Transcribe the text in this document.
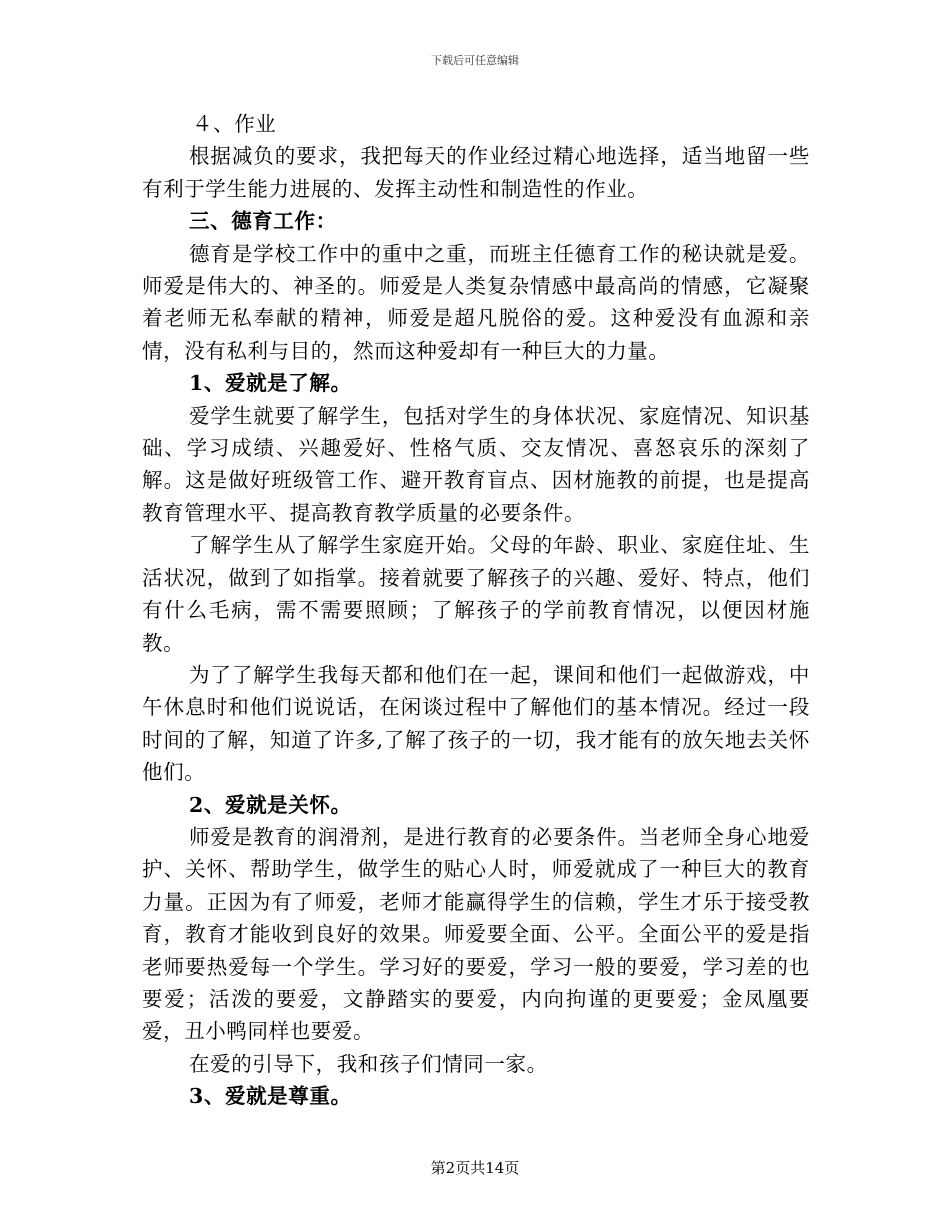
下载后可任意编辑

４、作业

根据减负的要求，我把每天的作业经过精心地选择，适当地留一些有利于学生能力进展的、发挥主动性和制造性的作业。

三、德育工作：

德育是学校工作中的重中之重，而班主任德育工作的秘诀就是爱。师爱是伟大的、神圣的。师爱是人类复杂情感中最高尚的情感，它凝聚着老师无私奉献的精神，师爱是超凡脱俗的爱。这种爱没有血源和亲情，没有私利与目的，然而这种爱却有一种巨大的力量。

1、爱就是了解。

爱学生就要了解学生，包括对学生的身体状况、家庭情况、知识基础、学习成绩、兴趣爱好、性格气质、交友情况、喜怒哀乐的深刻了解。这是做好班级管工作、避开教育盲点、因材施教的前提，也是提高教育管理水平、提高教育教学质量的必要条件。

了解学生从了解学生家庭开始。父母的年龄、职业、家庭住址、生活状况，做到了如指掌。接着就要了解孩子的兴趣、爱好、特点，他们有什么毛病，需不需要照顾；了解孩子的学前教育情况，以便因材施教。

为了了解学生我每天都和他们在一起，课间和他们一起做游戏，中午休息时和他们说说话，在闲谈过程中了解他们的基本情况。经过一段时间的了解，知道了许多,了解了孩子的一切，我才能有的放矢地去关怀他们。

2、爱就是关怀。

师爱是教育的润滑剂，是进行教育的必要条件。当老师全身心地爱护、关怀、帮助学生，做学生的贴心人时，师爱就成了一种巨大的教育力量。正因为有了师爱，老师才能赢得学生的信赖，学生才乐于接受教育，教育才能收到良好的效果。师爱要全面、公平。全面公平的爱是指老师要热爱每一个学生。学习好的要爱，学习一般的要爱，学习差的也要爱；活泼的要爱，文静踏实的要爱，内向拘谨的更要爱；金凤凰要爱，丑小鸭同样也要爱。

在爱的引导下，我和孩子们情同一家。

3、爱就是尊重。

第2页共14页
